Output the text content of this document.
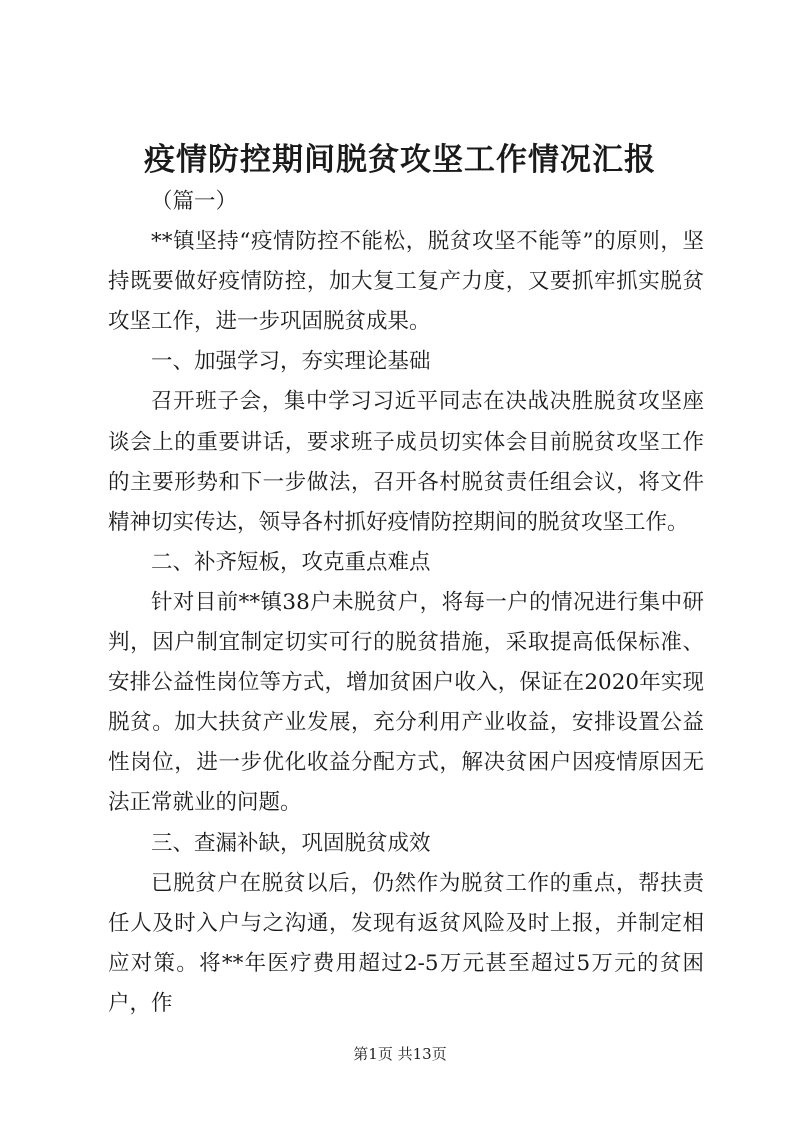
疫情防控期间脱贫攻坚工作情况汇报

（篇一）

**镇坚持“疫情防控不能松，脱贫攻坚不能等”的原则，坚持既要做好疫情防控，加大复工复产力度，又要抓牢抓实脱贫攻坚工作，进一步巩固脱贫成果。

一、加强学习，夯实理论基础

召开班子会，集中学习习近平同志在决战决胜脱贫攻坚座谈会上的重要讲话，要求班子成员切实体会目前脱贫攻坚工作的主要形势和下一步做法，召开各村脱贫责任组会议，将文件精神切实传达，领导各村抓好疫情防控期间的脱贫攻坚工作。

二、补齐短板，攻克重点难点

针对目前**镇38户未脱贫户，将每一户的情况进行集中研判，因户制宜制定切实可行的脱贫措施，采取提高低保标准、安排公益性岗位等方式，增加贫困户收入，保证在2020年实现脱贫。加大扶贫产业发展，充分利用产业收益，安排设置公益性岗位，进一步优化收益分配方式，解决贫困户因疫情原因无法正常就业的问题。

三、查漏补缺，巩固脱贫成效

已脱贫户在脱贫以后，仍然作为脱贫工作的重点，帮扶责任人及时入户与之沟通，发现有返贫风险及时上报，并制定相应对策。将**年医疗费用超过2-5万元甚至超过5万元的贫困户，作

第1页 共13页
